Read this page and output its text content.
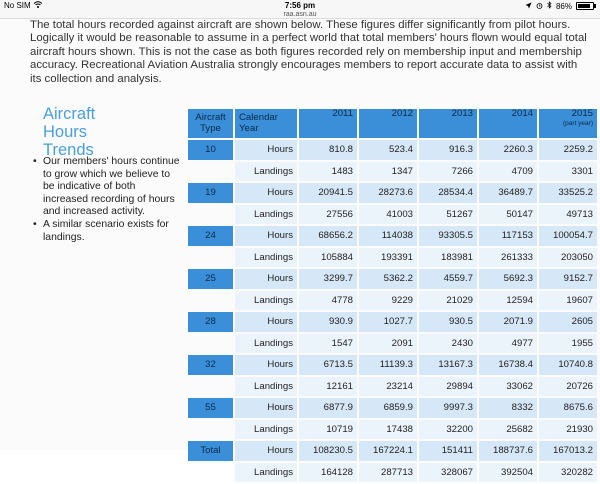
No SIM	7:56 pm	86%
raa.asn.au

The total hours recorded against aircraft are shown below. These figures differ significantly from pilot hours. Logically it would be reasonable to assume in a perfect world that total members' hours flown would equal total aircraft hours shown. This is not the case as both figures recorded rely on membership input and membership accuracy. Recreational Aviation Australia strongly encourages members to report accurate data to assist with its collection and analysis.

Aircraft
Hours
Trends
• Our members' hours continue to grow which we believe to be indicative of both increased recording of hours and increased activity.
• A similar scenario exists for landings.
Aircraft
Type	Calendar
Year	2011	2012	2013	2014	2015
(part year)

10	Hours	810.8	523.4	916.3	2260.3	2259.2
	Landings	1483	1347	7266	4709	3301
19	Hours	20941.5	28273.6	28534.4	36489.7	33525.2
	Landings	27556	41003	51267	50147	49713
24	Hours	68656.2	114038	93305.5	117153	100054.7
	Landings	105884	193391	183981	261333	203050
25	Hours	3299.7	5362.2	4559.7	5692.3	9152.7
	Landings	4778	9229	21029	12594	19607
28	Hours	930.9	1027.7	930.5	2071.9	2605
	Landings	1547	2091	2430	4977	1955
32	Hours	6713.5	11139.3	13167.3	16738.4	10740.8
	Landings	12161	23214	29894	33062	20726
55	Hours	6877.9	6859.9	9997.3	8332	8675.6
	Landings	10719	17438	32200	25682	21930
Total	Hours	108230.5	167224.1	151411	188737.6	167013.2
	Landings	164128	287713	328067	392504	320282
